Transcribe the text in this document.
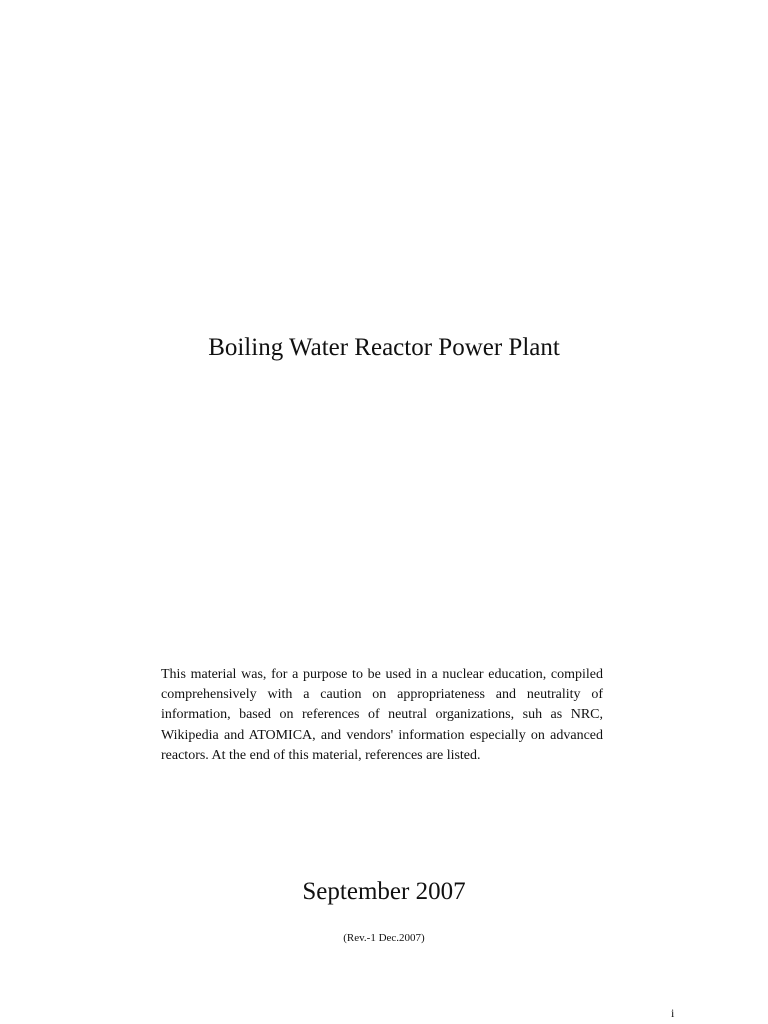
Boiling Water Reactor Power Plant

This material was, for a purpose to be used in a nuclear education, compiled comprehensively with a caution on appropriateness and neutrality of information, based on references of neutral organizations, suh as NRC, Wikipedia and ATOMICA, and vendors' information especially on advanced reactors. At the end of this material, references are listed.

September 2007
(Rev.-1 Dec.2007)
i
